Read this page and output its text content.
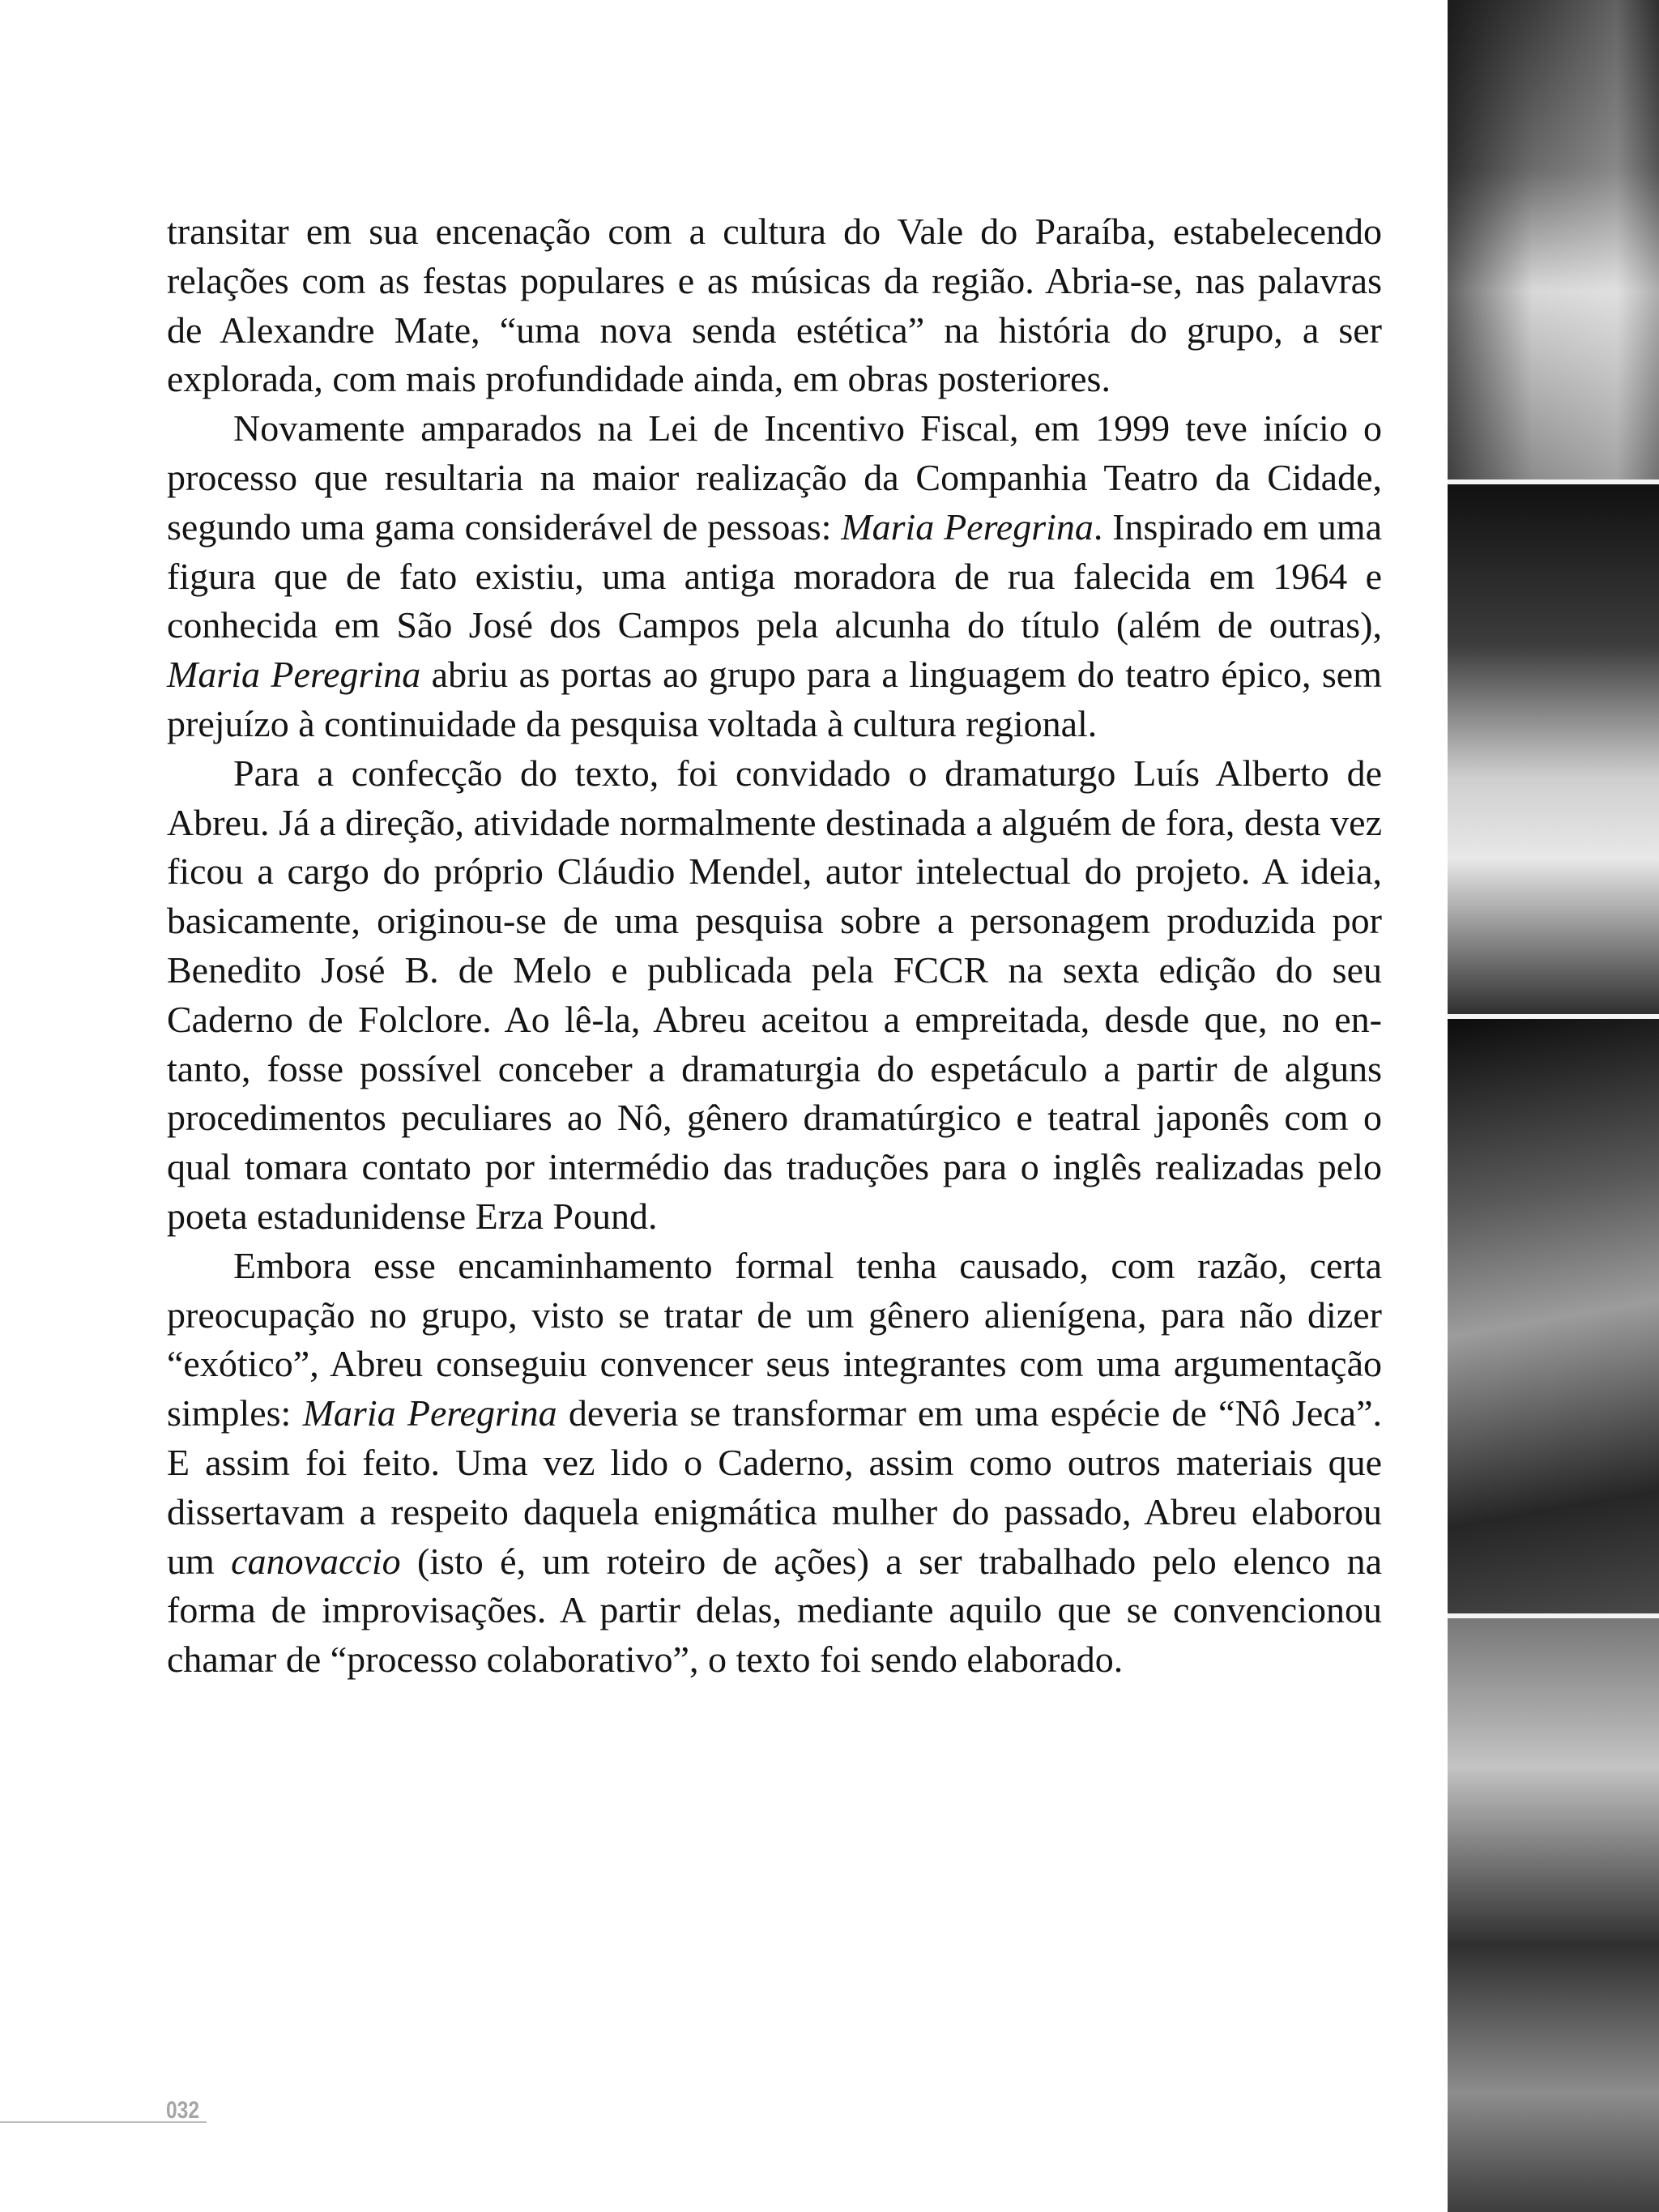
transitar em sua encenação com a cultura do Vale do Paraíba, estabelecendo relações com as festas populares e as músicas da região. Abria-se, nas palavras de Alexandre Mate, “uma nova senda estética” na história do grupo, a ser explorada, com mais profundidade ainda, em obras posteriores.

Novamente amparados na Lei de Incentivo Fiscal, em 1999 teve início o processo que resultaria na maior realização da Companhia Teatro da Cidade, segundo uma gama considerável de pessoas: Maria Peregrina. Inspirado em uma figura que de fato existiu, uma antiga moradora de rua falecida em 1964 e conhecida em São José dos Campos pela alcunha do título (além de outras), Maria Peregrina abriu as portas ao grupo para a linguagem do teatro épico, sem prejuízo à continuidade da pesquisa voltada à cultura regional.

Para a confecção do texto, foi convidado o dramaturgo Luís Alberto de Abreu. Já a direção, atividade normalmente destinada a alguém de fora, desta vez ficou a cargo do próprio Cláudio Mendel, autor intelectual do projeto. A ideia, basicamente, originou-se de uma pesquisa sobre a personagem produzida por Benedito José B. de Melo e publicada pela FCCR na sexta edição do seu Caderno de Folclore. Ao lê-la, Abreu aceitou a empreitada, desde que, no entanto, fosse possível conceber a dramaturgia do espetáculo a partir de alguns procedimentos peculiares ao Nô, gênero dramatúrgico e teatral japonês com o qual tomara contato por intermédio das traduções para o inglês realizadas pelo poeta estadunidense Erza Pound.

Embora esse encaminhamento formal tenha causado, com razão, certa preocupação no grupo, visto se tratar de um gênero alienígena, para não dizer “exótico”, Abreu conseguiu convencer seus integrantes com uma argumentação simples: Maria Peregrina deveria se transformar em uma espécie de “Nô Jeca”. E assim foi feito. Uma vez lido o Caderno, assim como outros materiais que dissertavam a respeito daquela enigmática mulher do passado, Abreu elaborou um canovaccio (isto é, um roteiro de ações) a ser trabalhado pelo elenco na forma de improvisações. A partir delas, mediante aquilo que se convencionou chamar de “processo colaborativo”, o texto foi sendo elaborado.

032
